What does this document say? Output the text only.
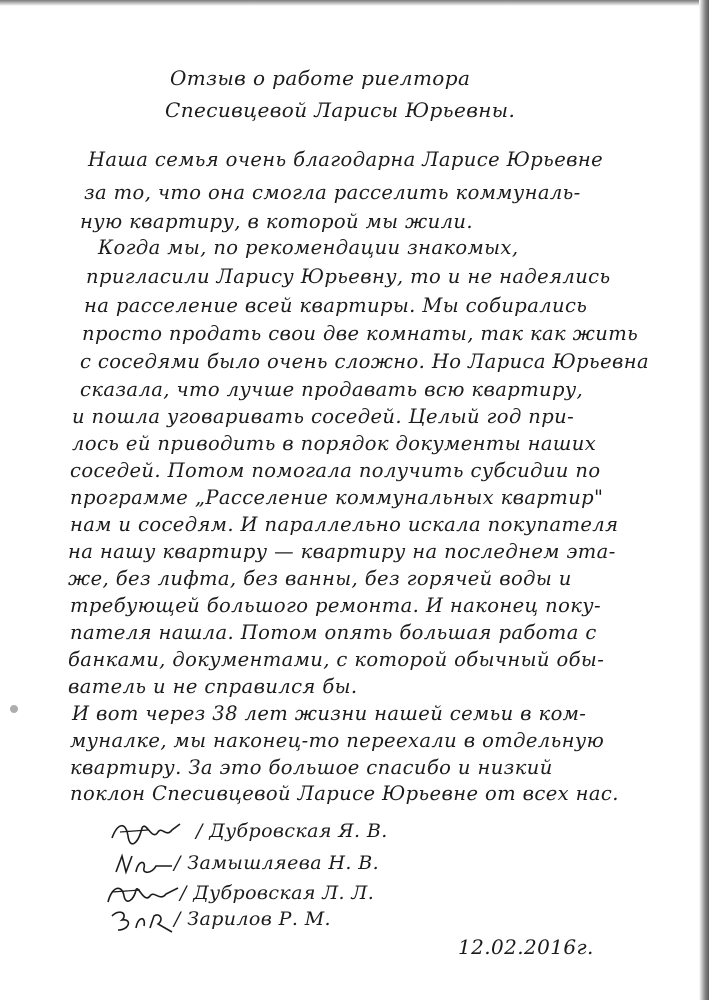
Отзыв о работе риелтора
Спесивцевой Ларисы Юрьевны.
Наша семья очень благодарна Ларисе Юрьевне
за то, что она смогла расселить коммуналь-
ную квартиру, в которой мы жили.
Когда мы, по рекомендации знакомых,
пригласили Ларису Юрьевну, то и не надеялись
на расселение всей квартиры. Мы собирались
просто продать свои две комнаты, так как жить
с соседями было очень сложно. Но Лариса Юрьевна
сказала, что лучше продавать всю квартиру,
и пошла уговаривать соседей. Целый год при-
лось ей приводить в порядок документы наших
соседей. Потом помогала получить субсидии по
программе „Расселение коммунальных квартир"
нам и соседям. И параллельно искала покупателя
на нашу квартиру — квартиру на последнем эта-
же, без лифта, без ванны, без горячей воды и
требующей большого ремонта. И наконец поку-
пателя нашла. Потом опять большая работа с
банками, документами, с которой обычный обы-
ватель и не справился бы.
И вот через 38 лет жизни нашей семьи в ком-
муналке, мы наконец-то переехали в отдельную
квартиру. За это большое спасибо и низкий
поклон Спесивцевой Ларисе Юрьевне от всех нас.
/ Дубровская Я. В.
/ Замышляева Н. В.
/ Дубровская Л. Л.
/ Зарилов Р. М.
12.02.2016г.
